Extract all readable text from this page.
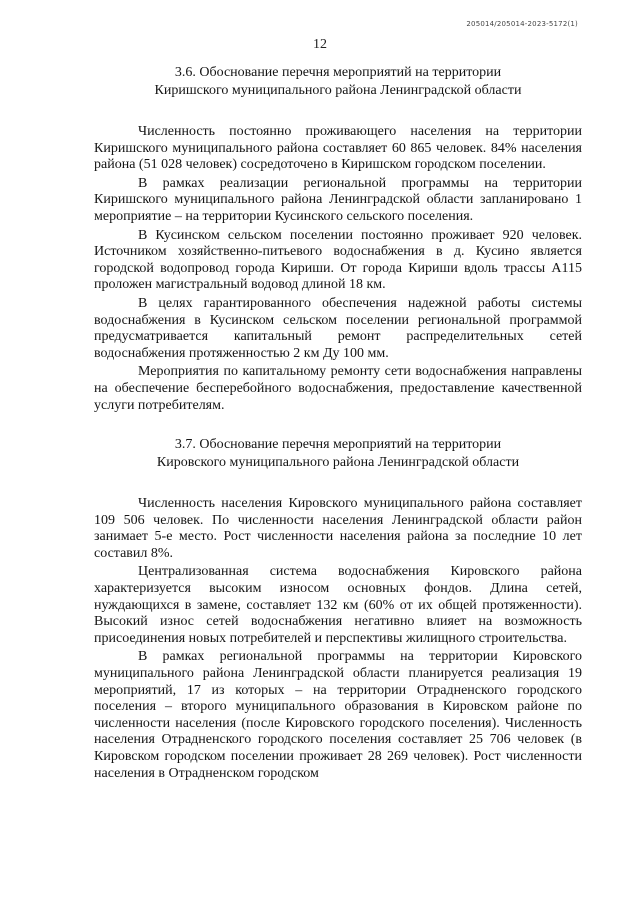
205014/205014-2023-5172(1)
12
3.6. Обоснование перечня мероприятий на территории
Киришского муниципального района Ленинградской области

Численность постоянно проживающего населения на территории Киришского муниципального района составляет 60 865 человек. 84% населения района (51 028 человек) сосредоточено в Киришском городском поселении.

В рамках реализации региональной программы на территории Киришского муниципального района Ленинградской области запланировано 1 мероприятие – на территории Кусинского сельского поселения.

В Кусинском сельском поселении постоянно проживает 920 человек. Источником хозяйственно-питьевого водоснабжения в д. Кусино является городской водопровод города Кириши. От города Кириши вдоль трассы А115 проложен магистральный водовод длиной 18 км.

В целях гарантированного обеспечения надежной работы системы водоснабжения в Кусинском сельском поселении региональной программой предусматривается капитальный ремонт распределительных сетей водоснабжения протяженностью 2 км Ду 100 мм.

Мероприятия по капитальному ремонту сети водоснабжения направлены на обеспечение бесперебойного водоснабжения, предоставление качественной услуги потребителям.

3.7. Обоснование перечня мероприятий на территории
Кировского муниципального района Ленинградской области

Численность населения Кировского муниципального района составляет 109 506 человек. По численности населения Ленинградской области район занимает 5-е место. Рост численности населения района за последние 10 лет составил 8%.

Централизованная система водоснабжения Кировского района характеризуется высоким износом основных фондов. Длина сетей, нуждающихся в замене, составляет 132 км (60% от их общей протяженности). Высокий износ сетей водоснабжения негативно влияет на возможность присоединения новых потребителей и перспективы жилищного строительства.

В рамках региональной программы на территории Кировского муниципального района Ленинградской области планируется реализация 19 мероприятий, 17 из которых – на территории Отрадненского городского поселения – второго муниципального образования в Кировском районе по численности населения (после Кировского городского поселения). Численность населения Отрадненского городского поселения составляет 25 706 человек (в Кировском городском поселении проживает 28 269 человек). Рост численности населения в Отрадненском городском
